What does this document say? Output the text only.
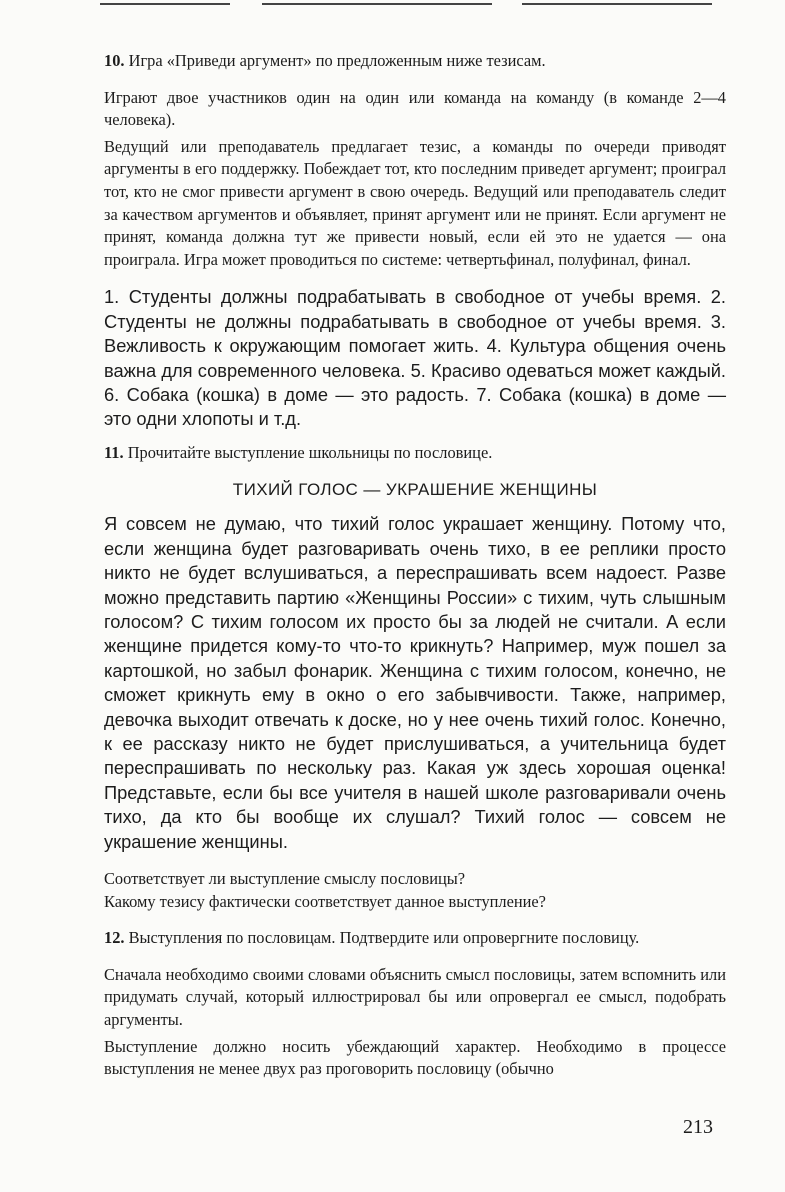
10. Игра «Приведи аргумент» по предложенным ниже тезисам.

Играют двое участников один на один или команда на команду (в команде 2—4 человека).

Ведущий или преподаватель предлагает тезис, а команды по очереди приводят аргументы в его поддержку. Побеждает тот, кто последним приведет аргумент; проиграл тот, кто не смог привести аргумент в свою очередь. Ведущий или преподаватель следит за качеством аргументов и объявляет, принят аргумент или не принят. Если аргумент не принят, команда должна тут же привести новый, если ей это не удается — она проиграла. Игра может проводиться по системе: четвертьфинал, полуфинал, финал.

1. Студенты должны подрабатывать в свободное от учебы время. 2. Студенты не должны подрабатывать в свободное от учебы время. 3. Вежливость к окружающим помогает жить. 4. Культура общения очень важна для современного человека. 5. Красиво одеваться может каждый. 6. Собака (кошка) в доме — это радость. 7. Собака (кошка) в доме — это одни хлопоты и т.д.

11. Прочитайте выступление школьницы по пословице.

ТИХИЙ ГОЛОС — УКРАШЕНИЕ ЖЕНЩИНЫ

Я совсем не думаю, что тихий голос украшает женщину. Потому что, если женщина будет разговаривать очень тихо, в ее реплики просто никто не будет вслушиваться, а переспрашивать всем надоест. Разве можно представить партию «Женщины России» с тихим, чуть слышным голосом? С тихим голосом их просто бы за людей не считали. А если женщине придется кому-то что-то крикнуть? Например, муж пошел за картошкой, но забыл фонарик. Женщина с тихим голосом, конечно, не сможет крикнуть ему в окно о его забывчивости. Также, например, девочка выходит отвечать к доске, но у нее очень тихий голос. Конечно, к ее рассказу никто не будет прислушиваться, а учительница будет переспрашивать по нескольку раз. Какая уж здесь хорошая оценка! Представьте, если бы все учителя в нашей школе разговаривали очень тихо, да кто бы вообще их слушал? Тихий голос — совсем не украшение женщины.

Соответствует ли выступление смыслу пословицы?

Какому тезису фактически соответствует данное выступление?

12. Выступления по пословицам. Подтвердите или опровергните пословицу.

Сначала необходимо своими словами объяснить смысл пословицы, затем вспомнить или придумать случай, который иллюстрировал бы или опровергал ее смысл, подобрать аргументы.

Выступление должно носить убеждающий характер. Необходимо в процессе выступления не менее двух раз проговорить пословицу (обычно

213
